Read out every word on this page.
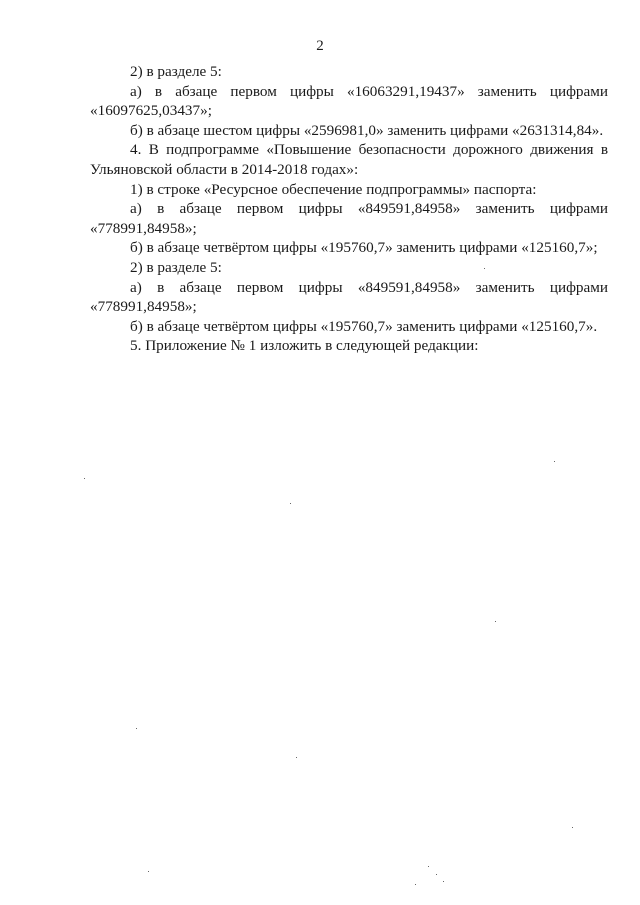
2

2) в разделе 5:

а) в абзаце первом цифры «16063291,19437» заменить цифрами «16097625,03437»;

б) в абзаце шестом цифры «2596981,0» заменить цифрами «2631314,84».

4. В подпрограмме «Повышение безопасности дорожного движения в Ульяновской области в 2014-2018 годах»:

1) в строке «Ресурсное обеспечение подпрограммы» паспорта:

а) в абзаце первом цифры «849591,84958» заменить цифрами «778991,84958»;

б) в абзаце четвёртом цифры «195760,7» заменить цифрами «125160,7»;

2) в разделе 5:

а) в абзаце первом цифры «849591,84958» заменить цифрами «778991,84958»;

б) в абзаце четвёртом цифры «195760,7» заменить цифрами «125160,7».

5. Приложение № 1 изложить в следующей редакции:
